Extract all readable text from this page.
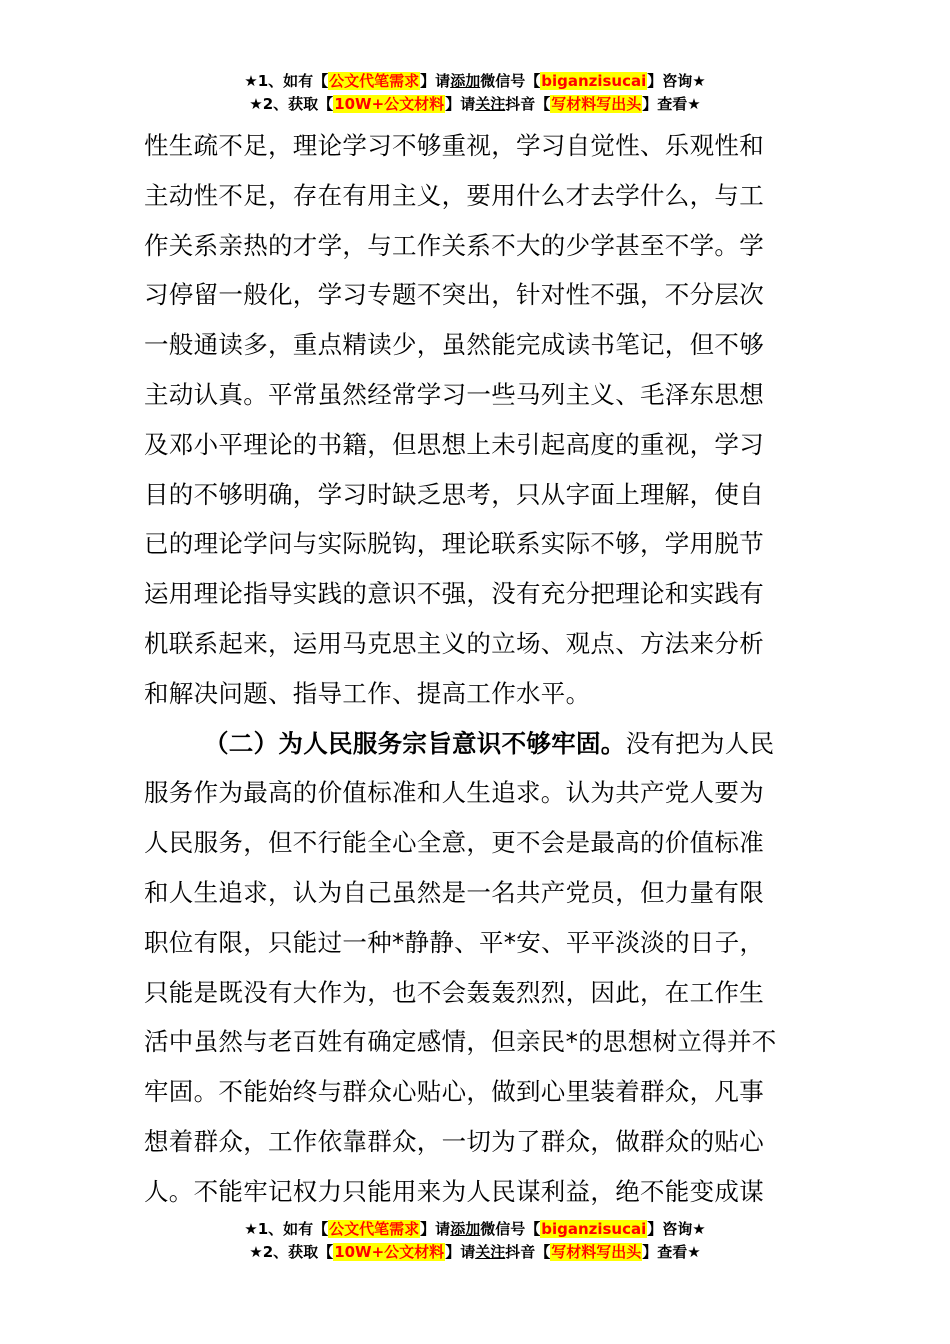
★1、如有【公文代笔需求】请添加微信号【biganzisucai】咨询★
★2、获取【10W+公文材料】请关注抖音【写材料写出头】查看★
性生疏不足，理论学习不够重视，学习自觉性、乐观性和
主动性不足，存在有用主义，要用什么才去学什么，与工
作关系亲热的才学，与工作关系不大的少学甚至不学。学
习停留一般化，学习专题不突出，针对性不强，不分层次
一般通读多，重点精读少，虽然能完成读书笔记，但不够
主动认真。平常虽然经常学习一些马列主义、毛泽东思想
及邓小平理论的书籍，但思想上未引起高度的重视，学习
目的不够明确，学习时缺乏思考，只从字面上理解，使自
已的理论学问与实际脱钩，理论联系实际不够，学用脱节
运用理论指导实践的意识不强，没有充分把理论和实践有
机联系起来，运用马克思主义的立场、观点、方法来分析
和解决问题、指导工作、提高工作水平。
（二）为人民服务宗旨意识不够牢固。没有把为人民
服务作为最高的价值标准和人生追求。认为共产党人要为
人民服务，但不行能全心全意，更不会是最高的价值标准
和人生追求，认为自己虽然是一名共产党员，但力量有限
职位有限，只能过一种*静静、平*安、平平淡淡的日子，
只能是既没有大作为，也不会轰轰烈烈，因此，在工作生
活中虽然与老百姓有确定感情，但亲民*的思想树立得并不
牢固。不能始终与群众心贴心，做到心里装着群众，凡事
想着群众，工作依靠群众，一切为了群众，做群众的贴心
人。不能牢记权力只能用来为人民谋利益，绝不能变成谋
★1、如有【公文代笔需求】请添加微信号【biganzisucai】咨询★
★2、获取【10W+公文材料】请关注抖音【写材料写出头】查看★
